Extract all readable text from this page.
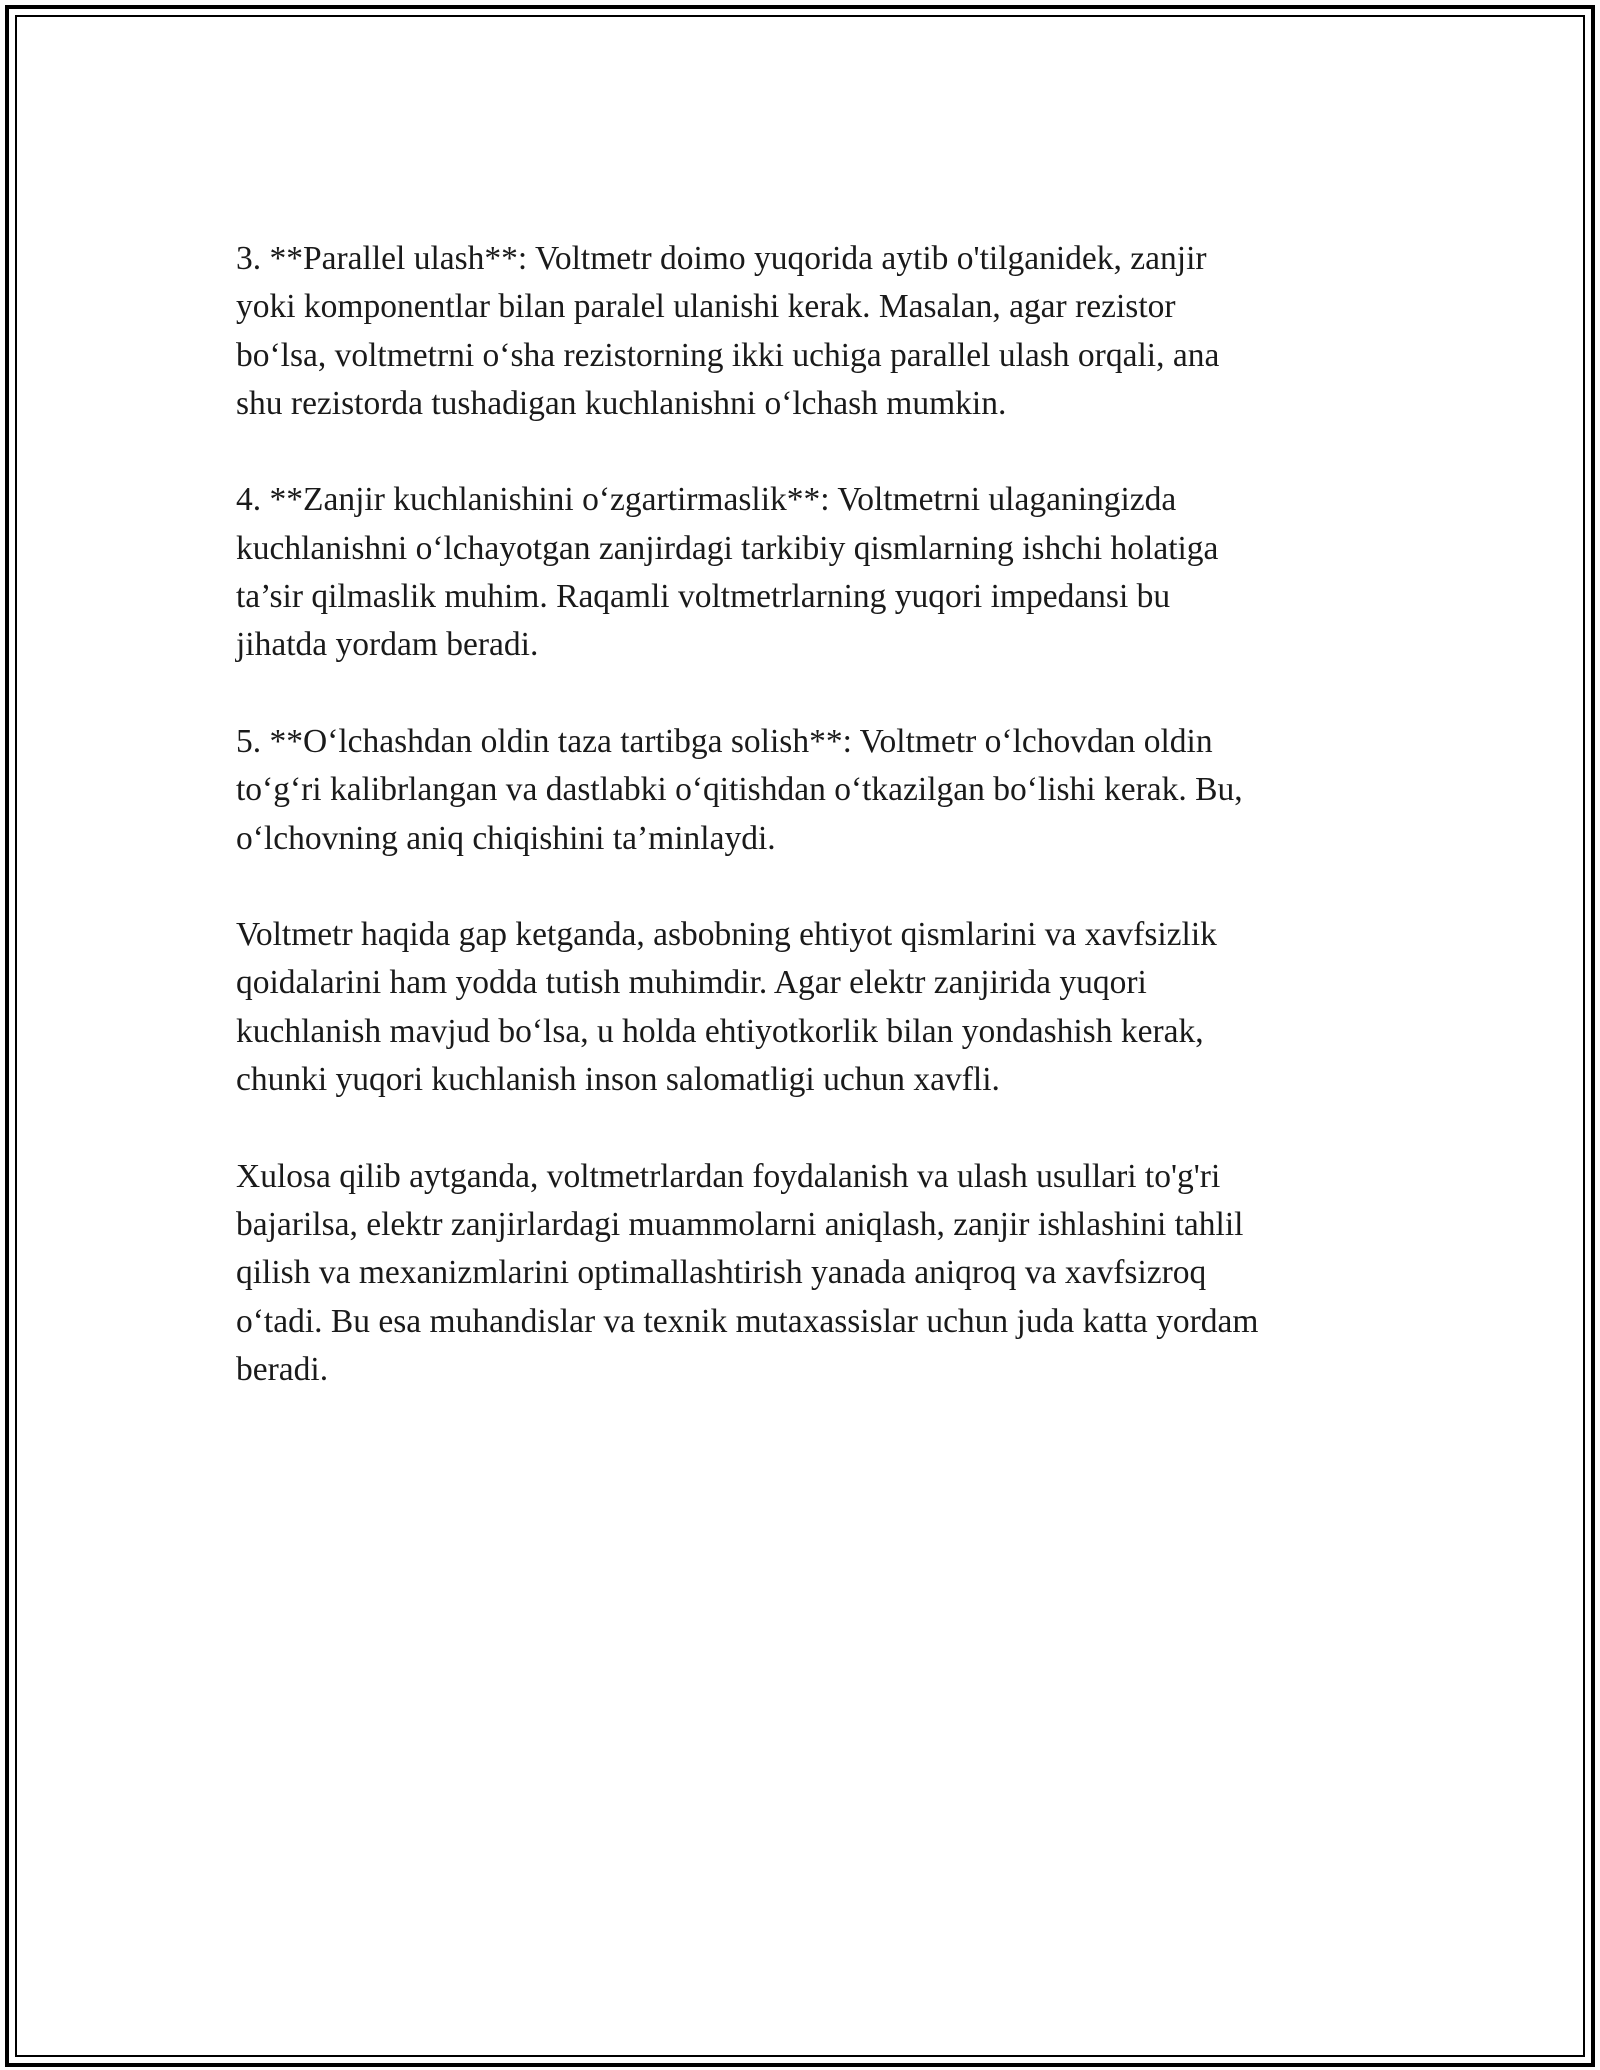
3. **Parallel ulash**: Voltmetr doimo yuqorida aytib o'tilganidek, zanjir
yoki komponentlar bilan paralel ulanishi kerak. Masalan, agar rezistor
bo‘lsa, voltmetrni o‘sha rezistorning ikki uchiga parallel ulash orqali, ana
shu rezistorda tushadigan kuchlanishni o‘lchash mumkin.

4. **Zanjir kuchlanishini o‘zgartirmaslik**: Voltmetrni ulaganingizda
kuchlanishni o‘lchayotgan zanjirdagi tarkibiy qismlarning ishchi holatiga
ta’sir qilmaslik muhim. Raqamli voltmetrlarning yuqori impedansi bu
jihatda yordam beradi.

5. **O‘lchashdan oldin taza tartibga solish**: Voltmetr o‘lchovdan oldin
to‘g‘ri kalibrlangan va dastlabki o‘qitishdan o‘tkazilgan bo‘lishi kerak. Bu,
o‘lchovning aniq chiqishini ta’minlaydi.

Voltmetr haqida gap ketganda, asbobning ehtiyot qismlarini va xavfsizlik
qoidalarini ham yodda tutish muhimdir. Agar elektr zanjirida yuqori
kuchlanish mavjud bo‘lsa, u holda ehtiyotkorlik bilan yondashish kerak,
chunki yuqori kuchlanish inson salomatligi uchun xavfli.

Xulosa qilib aytganda, voltmetrlardan foydalanish va ulash usullari to'g'ri
bajarilsa, elektr zanjirlardagi muammolarni aniqlash, zanjir ishlashini tahlil
qilish va mexanizmlarini optimallashtirish yanada aniqroq va xavfsizroq
o‘tadi. Bu esa muhandislar va texnik mutaxassislar uchun juda katta yordam
beradi.
